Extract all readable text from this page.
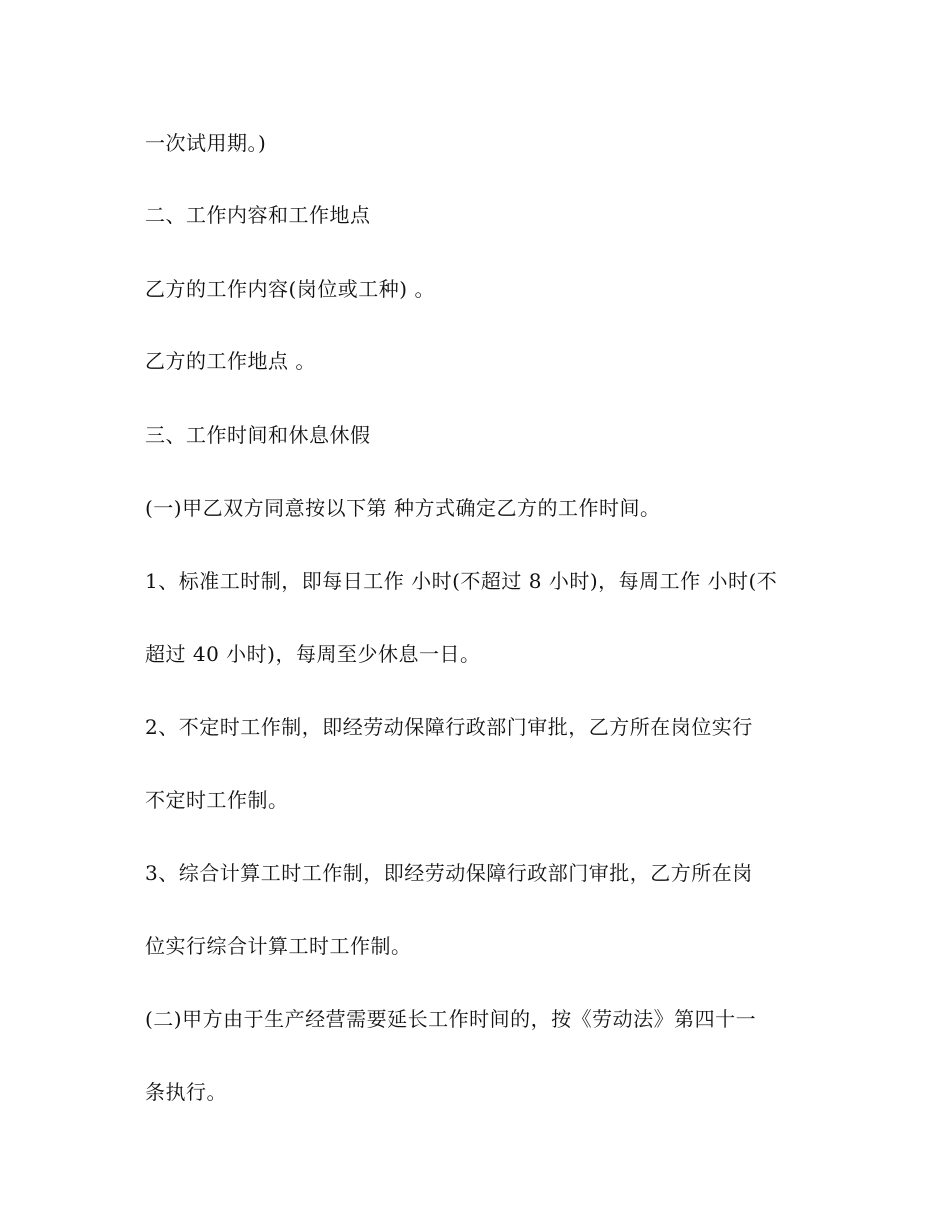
一次试用期。)

二、工作内容和工作地点

乙方的工作内容(岗位或工种) 。

乙方的工作地点 。

三、工作时间和休息休假

(一)甲乙双方同意按以下第 种方式确定乙方的工作时间。

1、标准工时制，即每日工作 小时(不超过 8 小时)，每周工作 小时(不

超过 40 小时)，每周至少休息一日。

2、不定时工作制，即经劳动保障行政部门审批，乙方所在岗位实行

不定时工作制。

3、综合计算工时工作制，即经劳动保障行政部门审批，乙方所在岗

位实行综合计算工时工作制。

(二)甲方由于生产经营需要延长工作时间的，按《劳动法》第四十一

条执行。
